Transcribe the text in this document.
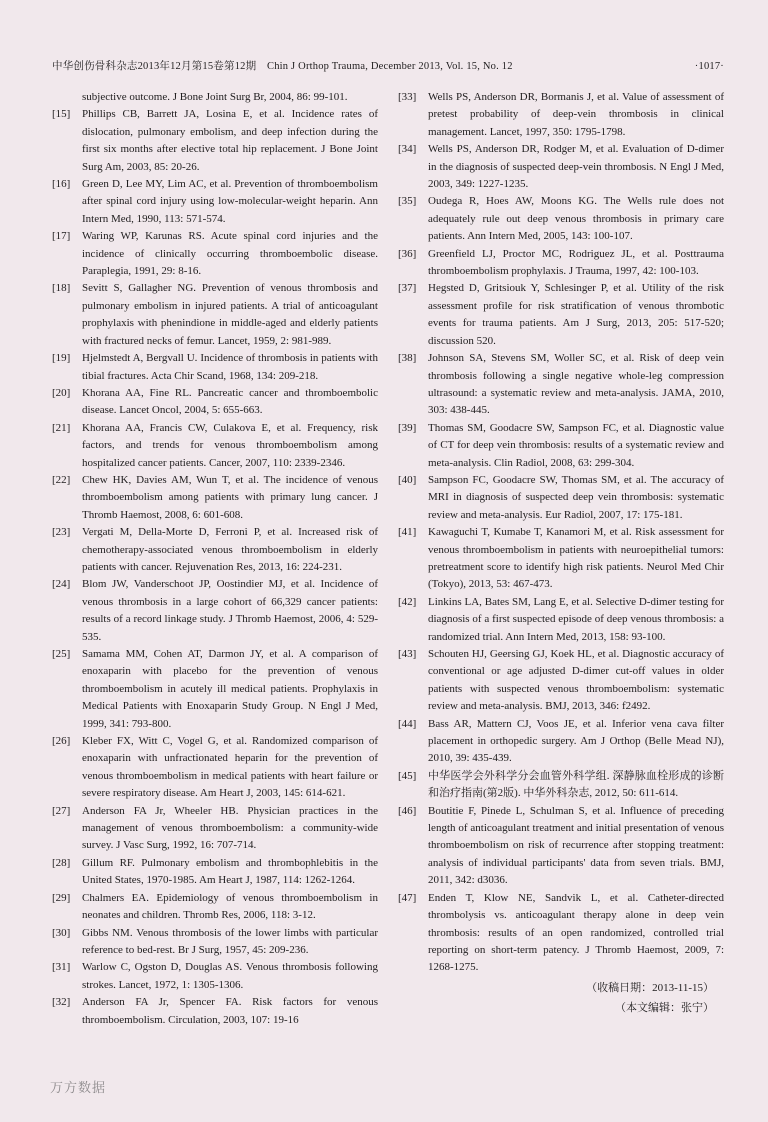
中华创伤骨科杂志2013年12月第15卷第12期　Chin J Orthop Trauma, December 2013, Vol. 15, No. 12	·1017·
subjective outcome. J Bone Joint Surg Br, 2004, 86: 99-101.
[15]	Phillips CB, Barrett JA, Losina E, et al. Incidence rates of dislocation, pulmonary embolism, and deep infection during the first six months after elective total hip replacement. J Bone Joint Surg Am, 2003, 85: 20-26.
[16]	Green D, Lee MY, Lim AC, et al. Prevention of thromboembolism after spinal cord injury using low-molecular-weight heparin. Ann Intern Med, 1990, 113: 571-574.
[17]	Waring WP, Karunas RS. Acute spinal cord injuries and the incidence of clinically occurring thromboembolic disease. Paraplegia, 1991, 29: 8-16.
[18]	Sevitt S, Gallagher NG. Prevention of venous thrombosis and pulmonary embolism in injured patients. A trial of anticoagulant prophylaxis with phenindione in middle-aged and elderly patients with fractured necks of femur. Lancet, 1959, 2: 981-989.
[19]	Hjelmstedt A, Bergvall U. Incidence of thrombosis in patients with tibial fractures. Acta Chir Scand, 1968, 134: 209-218.
[20]	Khorana AA, Fine RL. Pancreatic cancer and thromboembolic disease. Lancet Oncol, 2004, 5: 655-663.
[21]	Khorana AA, Francis CW, Culakova E, et al. Frequency, risk factors, and trends for venous thromboembolism among hospitalized cancer patients. Cancer, 2007, 110: 2339-2346.
[22]	Chew HK, Davies AM, Wun T, et al. The incidence of venous thromboembolism among patients with primary lung cancer. J Thromb Haemost, 2008, 6: 601-608.
[23]	Vergati M, Della-Morte D, Ferroni P, et al. Increased risk of chemotherapy-associated venous thromboembolism in elderly patients with cancer. Rejuvenation Res, 2013, 16: 224-231.
[24]	Blom JW, Vanderschoot JP, Oostindier MJ, et al. Incidence of venous thrombosis in a large cohort of 66,329 cancer patients: results of a record linkage study. J Thromb Haemost, 2006, 4: 529-535.
[25]	Samama MM, Cohen AT, Darmon JY, et al. A comparison of enoxaparin with placebo for the prevention of venous thromboembolism in acutely ill medical patients. Prophylaxis in Medical Patients with Enoxaparin Study Group. N Engl J Med, 1999, 341: 793-800.
[26]	Kleber FX, Witt C, Vogel G, et al. Randomized comparison of enoxaparin with unfractionated heparin for the prevention of venous thromboembolism in medical patients with heart failure or severe respiratory disease. Am Heart J, 2003, 145: 614-621.
[27]	Anderson FA Jr, Wheeler HB. Physician practices in the management of venous thromboembolism: a community-wide survey. J Vasc Surg, 1992, 16: 707-714.
[28]	Gillum RF. Pulmonary embolism and thrombophlebitis in the United States, 1970-1985. Am Heart J, 1987, 114: 1262-1264.
[29]	Chalmers EA. Epidemiology of venous thromboembolism in neonates and children. Thromb Res, 2006, 118: 3-12.
[30]	Gibbs NM. Venous thrombosis of the lower limbs with particular reference to bed-rest. Br J Surg, 1957, 45: 209-236.
[31]	Warlow C, Ogston D, Douglas AS. Venous thrombosis following strokes. Lancet, 1972, 1: 1305-1306.
[32]	Anderson FA Jr, Spencer FA. Risk factors for venous thromboembolism. Circulation, 2003, 107: 19-16
[33]	Wells PS, Anderson DR, Bormanis J, et al. Value of assessment of pretest probability of deep-vein thrombosis in clinical management. Lancet, 1997, 350: 1795-1798.
[34]	Wells PS, Anderson DR, Rodger M, et al. Evaluation of D-dimer in the diagnosis of suspected deep-vein thrombosis. N Engl J Med, 2003, 349: 1227-1235.
[35]	Oudega R, Hoes AW, Moons KG. The Wells rule does not adequately rule out deep venous thrombosis in primary care patients. Ann Intern Med, 2005, 143: 100-107.
[36]	Greenfield LJ, Proctor MC, Rodriguez JL, et al. Posttrauma thromboembolism prophylaxis. J Trauma, 1997, 42: 100-103.
[37]	Hegsted D, Gritsiouk Y, Schlesinger P, et al. Utility of the risk assessment profile for risk stratification of venous thrombotic events for trauma patients. Am J Surg, 2013, 205: 517-520; discussion 520.
[38]	Johnson SA, Stevens SM, Woller SC, et al. Risk of deep vein thrombosis following a single negative whole-leg compression ultrasound: a systematic review and meta-analysis. JAMA, 2010, 303: 438-445.
[39]	Thomas SM, Goodacre SW, Sampson FC, et al. Diagnostic value of CT for deep vein thrombosis: results of a systematic review and meta-analysis. Clin Radiol, 2008, 63: 299-304.
[40]	Sampson FC, Goodacre SW, Thomas SM, et al. The accuracy of MRI in diagnosis of suspected deep vein thrombosis: systematic review and meta-analysis. Eur Radiol, 2007, 17: 175-181.
[41]	Kawaguchi T, Kumabe T, Kanamori M, et al. Risk assessment for venous thromboembolism in patients with neuroepithelial tumors: pretreatment score to identify high risk patients. Neurol Med Chir (Tokyo), 2013, 53: 467-473.
[42]	Linkins LA, Bates SM, Lang E, et al. Selective D-dimer testing for diagnosis of a first suspected episode of deep venous thrombosis: a randomized trial. Ann Intern Med, 2013, 158: 93-100.
[43]	Schouten HJ, Geersing GJ, Koek HL, et al. Diagnostic accuracy of conventional or age adjusted D-dimer cut-off values in older patients with suspected venous thromboembolism: systematic review and meta-analysis. BMJ, 2013, 346: f2492.
[44]	Bass AR, Mattern CJ, Voos JE, et al. Inferior vena cava filter placement in orthopedic surgery. Am J Orthop (Belle Mead NJ), 2010, 39: 435-439.
[45]	中华医学会外科学分会血管外科学组. 深静脉血栓形成的诊断和治疗指南(第2版). 中华外科杂志, 2012, 50: 611-614.
[46]	Boutitie F, Pinede L, Schulman S, et al. Influence of preceding length of anticoagulant treatment and initial presentation of venous thromboembolism on risk of recurrence after stopping treatment: analysis of individual participants' data from seven trials. BMJ, 2011, 342: d3036.
[47]	Enden T, Klow NE, Sandvik L, et al. Catheter-directed thrombolysis vs. anticoagulant therapy alone in deep vein thrombosis: results of an open randomized, controlled trial reporting on short-term patency. J Thromb Haemost, 2009, 7: 1268-1275.
（收稿日期：2013-11-15）
（本文编辑：张宁）
万方数据
